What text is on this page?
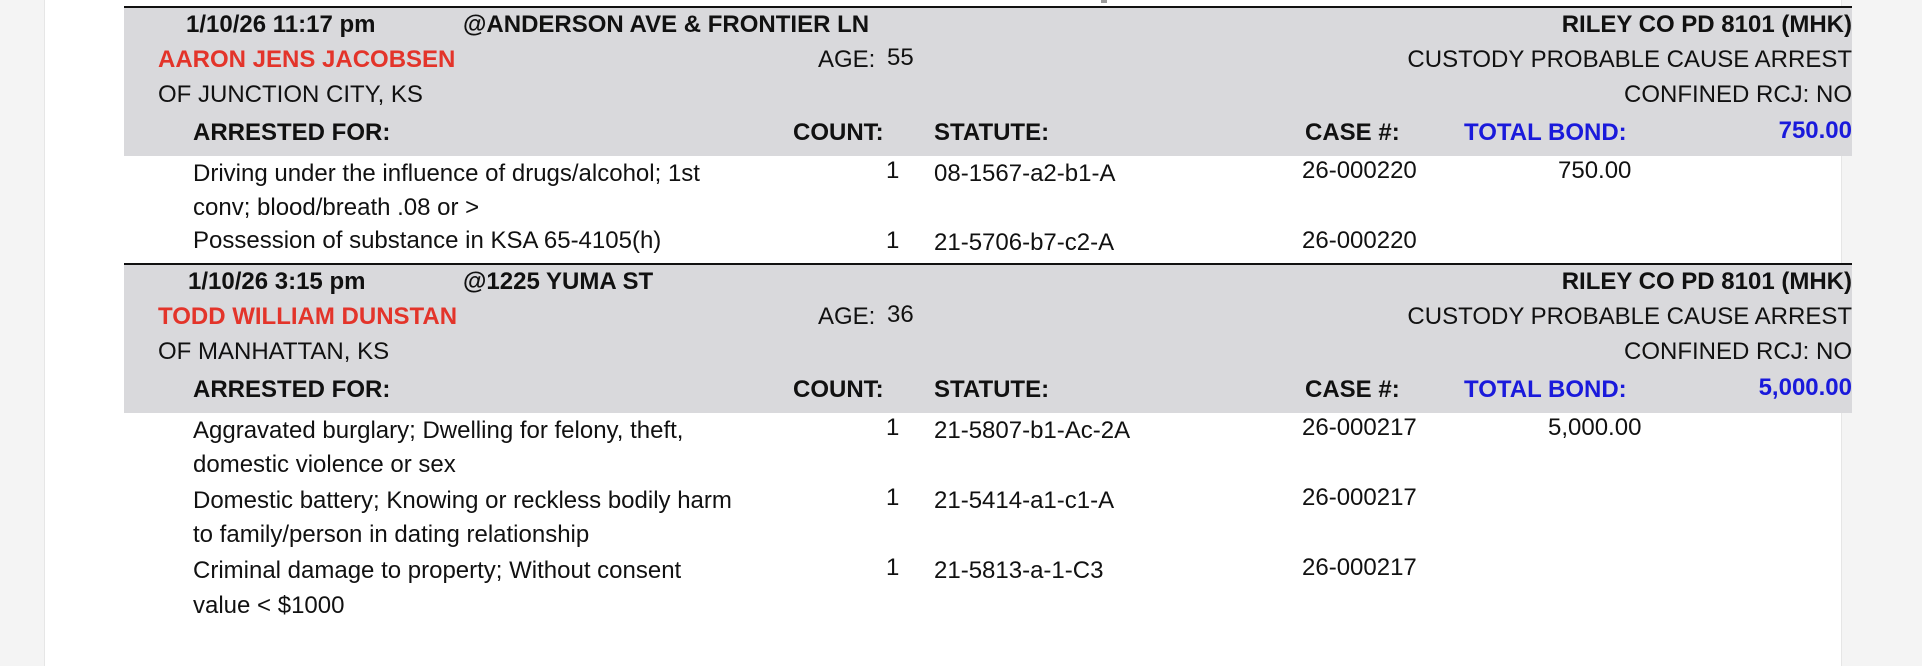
1/10/26 11:17 pm	@ANDERSON AVE & FRONTIER LN	RILEY CO PD 8101 (MHK)
AARON JENS JACOBSEN	AGE: 55	CUSTODY PROBABLE CAUSE ARREST
OF JUNCTION CITY, KS	CONFINED RCJ: NO
ARRESTED FOR:	COUNT: STATUTE:	CASE #:	TOTAL BOND:	750.00
Driving under the influence of drugs/alcohol; 1st
conv; blood/breath .08 or >
1 08-1567-a2-b1-A	26-000220	750.00
Possession of substance in KSA 65-4105(h)	1 21-5706-b7-c2-A	26-000220
1/10/26 3:15 pm	@1225 YUMA ST	RILEY CO PD 8101 (MHK)
TODD WILLIAM DUNSTAN	AGE: 36	CUSTODY PROBABLE CAUSE ARREST
OF MANHATTAN, KS	CONFINED RCJ: NO
ARRESTED FOR:	COUNT: STATUTE:	CASE #:	TOTAL BOND:	5,000.00
Aggravated burglary; Dwelling for felony, theft,
domestic violence or sex
1 21-5807-b1-Ac-2A	26-000217	5,000.00
Domestic battery; Knowing or reckless bodily harm
to family/person in dating relationship
1 21-5414-a1-c1-A	26-000217
Criminal damage to property; Without consent
value < $1000
1 21-5813-a-1-C3	26-000217
